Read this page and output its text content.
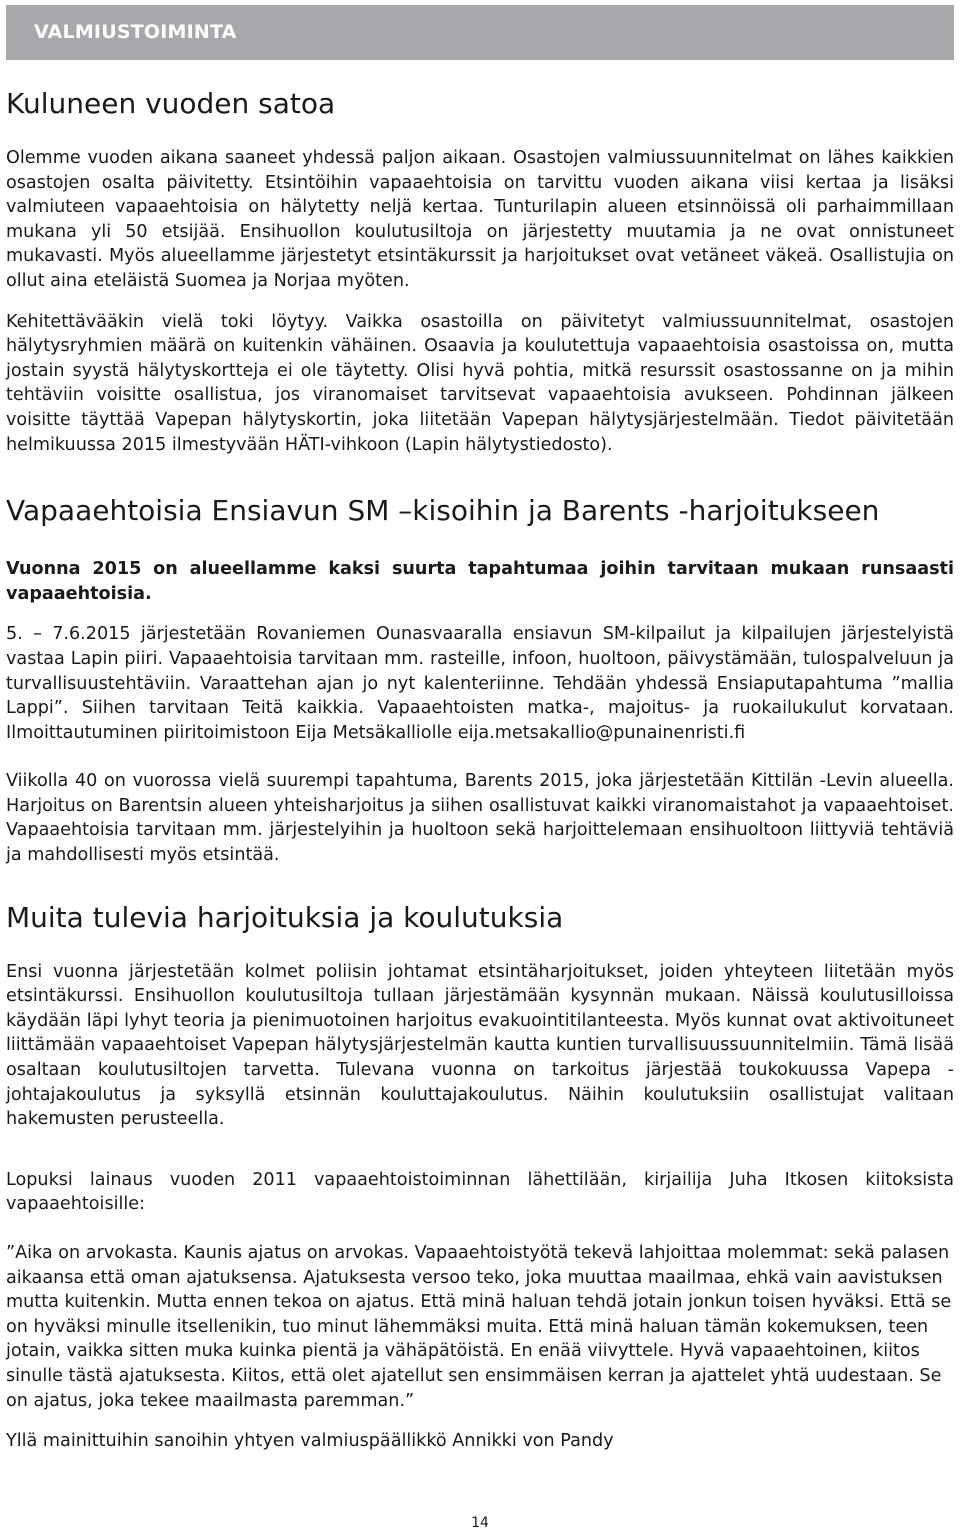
VALMIUSTOIMINTA
Kuluneen vuoden satoa

Olemme vuoden aikana saaneet yhdessä paljon aikaan. Osastojen valmiussuunnitelmat on lähes kaikkien osastojen osalta päivitetty. Etsintöihin vapaaehtoisia on tarvittu vuoden aikana viisi kertaa ja lisäksi valmiuteen vapaaehtoisia on hälytetty neljä kertaa. Tunturilapin alueen etsinnöissä oli parhaimmillaan mukana yli 50 etsijää. Ensihuollon koulutusiltoja on järjestetty muutamia ja ne ovat onnistuneet mukavasti. Myös alueellamme järjestetyt etsintäkurssit ja harjoitukset ovat vetäneet väkeä. Osallistujia on ollut aina eteläistä Suomea ja Norjaa myöten.

Kehitettävääkin vielä toki löytyy. Vaikka osastoilla on päivitetyt valmiussuunnitelmat, osastojen hälytysryhmien määrä on kuitenkin vähäinen. Osaavia ja koulutettuja vapaaehtoisia osastoissa on, mutta jostain syystä hälytyskortteja ei ole täytetty. Olisi hyvä pohtia, mitkä resurssit osastossanne on ja mihin tehtäviin voisitte osallistua, jos viranomaiset tarvitsevat vapaaehtoisia avukseen. Pohdinnan jälkeen voisitte täyttää Vapepan hälytyskortin, joka liitetään Vapepan hälytysjärjestelmään. Tiedot päivitetään helmikuussa 2015 ilmestyvään HÄTI-vihkoon (Lapin hälytystiedosto).

Vapaaehtoisia Ensiavun SM –kisoihin ja Barents -harjoitukseen

Vuonna 2015 on alueellamme kaksi suurta tapahtumaa joihin tarvitaan mukaan runsaasti vapaaehtoisia.

5. – 7.6.2015 järjestetään Rovaniemen Ounasvaaralla ensiavun SM-kilpailut ja kilpailujen järjestelyistä vastaa Lapin piiri. Vapaaehtoisia tarvitaan mm. rasteille, infoon, huoltoon, päivystämään, tulospalveluun ja turvallisuustehtäviin. Varaattehan ajan jo nyt kalenteriinne. Tehdään yhdessä Ensiaputapahtuma ”mallia Lappi”. Siihen tarvitaan Teitä kaikkia. Vapaaehtoisten matka-, majoitus- ja ruokailukulut korvataan. Ilmoittautuminen piiritoimistoon Eija Metsäkalliolle eija.metsakallio@punainenristi.fi

Viikolla 40 on vuorossa vielä suurempi tapahtuma, Barents 2015, joka järjestetään Kittilän -Levin alueella. Harjoitus on Barentsin alueen yhteisharjoitus ja siihen osallistuvat kaikki viranomaistahot ja vapaaehtoiset. Vapaaehtoisia tarvitaan mm. järjestelyihin ja huoltoon sekä harjoittelemaan ensihuoltoon liittyviä tehtäviä ja mahdollisesti myös etsintää.

Muita tulevia harjoituksia ja koulutuksia

Ensi vuonna järjestetään kolmet poliisin johtamat etsintäharjoitukset, joiden yhteyteen liitetään myös etsintäkurssi. Ensihuollon koulutusiltoja tullaan järjestämään kysynnän mukaan. Näissä koulutusilloissa käydään läpi lyhyt teoria ja pienimuotoinen harjoitus evakuointitilanteesta. Myös kunnat ovat aktivoituneet liittämään vapaaehtoiset Vapepan hälytysjärjestelmän kautta kuntien turvallisuussuunnitelmiin. Tämä lisää osaltaan koulutusiltojen tarvetta. Tulevana vuonna on tarkoitus järjestää toukokuussa Vapepa -johtajakoulutus ja syksyllä etsinnän kouluttajakoulutus. Näihin koulutuksiin osallistujat valitaan hakemusten perusteella.

Lopuksi lainaus vuoden 2011 vapaaehtoistoiminnan lähettilään, kirjailija Juha Itkosen kiitoksista vapaaehtoisille:

”Aika on arvokasta. Kaunis ajatus on arvokas. Vapaaehtoistyötä tekevä lahjoittaa molemmat: sekä palasen aikaansa että oman ajatuksensa. Ajatuksesta versoo teko, joka muuttaa maailmaa, ehkä vain aavistuksen mutta kuitenkin. Mutta ennen tekoa on ajatus. Että minä haluan tehdä jotain jonkun toisen hyväksi. Että se on hyväksi minulle itsellenikin, tuo minut lähemmäksi muita. Että minä haluan tämän kokemuksen, teen jotain, vaikka sitten muka kuinka pientä ja vähäpätöistä. En enää viivyttele. Hyvä vapaaehtoinen, kiitos sinulle tästä ajatuksesta. Kiitos, että olet ajatellut sen ensimmäisen kerran ja ajattelet yhtä uudestaan. Se on ajatus, joka tekee maailmasta paremman.”

Yllä mainittuihin sanoihin yhtyen valmiuspäällikkö Annikki von Pandy

14
